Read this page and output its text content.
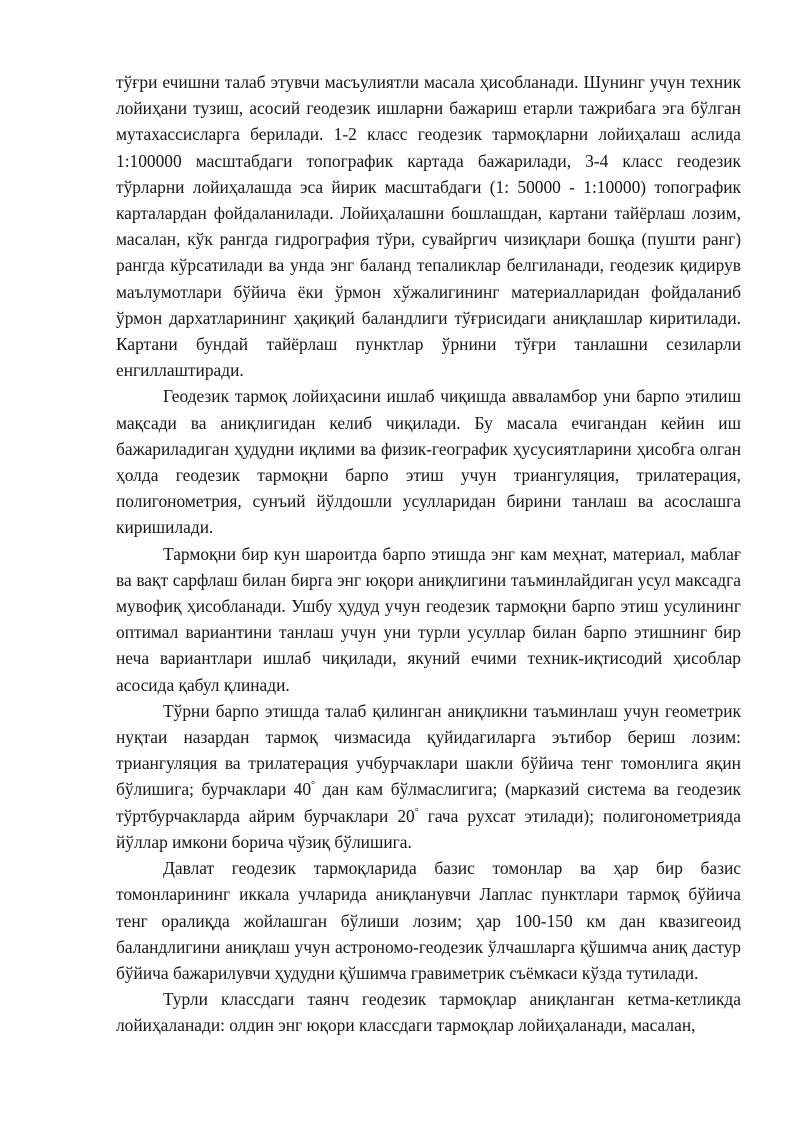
тўғри ечишни талаб этувчи масъулиятли масала ҳисобланади. Шунинг учун техник лойиҳани тузиш, асосий геодезик ишларни бажариш етарли тажрибага эга бўлган мутахассисларга берилади. 1-2 класс геодезик тармоқларни лойиҳалаш аслида 1:100000 масштабдаги топографик картада бажарилади, 3-4 класс геодезик тўрларни лойиҳалашда эса йирик масштабдаги (1: 50000 - 1:10000) топографик карталардан фойдаланилади. Лойиҳалашни бошлашдан, картани тайёрлаш лозим, масалан, кўк рангда гидрография тўри, сувайргич чизиқлари бошқа (пушти ранг) рангда кўрсатилади ва унда энг баланд тепаликлар белгиланади, геодезик қидирув маълумотлари бўйича ёки ўрмон хўжалигининг материалларидан фойдаланиб ўрмон дархатларининг ҳақиқий баландлиги тўғрисидаги аниқлашлар киритилади. Картани бундай тайёрлаш пунктлар ўрнини тўғри танлашни сезиларли енгиллаштиради.

Геодезик тармоқ лойиҳасини ишлаб чиқишда аввaламбор уни барпо этилиш мақсади ва аниқлигидан келиб чиқилади. Бу масала ечигандан кейин иш бажариладиган ҳудудни иқлими ва физик-географик ҳусусиятларини ҳисобга олган ҳолда геодезик тармоқни барпо этиш учун триангуляция, трилатерация, полигонометрия, сунъий йўлдошли усулларидан бирини танлаш ва асослашга киришилади.

Тармоқни бир кун шароитда барпо этишда энг кам меҳнат, материал, маблағ ва вақт сарфлаш билан бирга энг юқори аниқлигини таъминлайдиган усул максадга мувофиқ ҳисобланади. Ушбу ҳудуд учун геодезик тармоқни барпо этиш усулининг оптимал вариантини танлаш учун уни турли усуллар билан барпо этишнинг бир неча вариантлари ишлаб чиқилади, якуний ечими техник-иқтисодий ҳисоблар асосида қабул қлинади.

Тўрни барпо этишда талаб қилинган аниқликни таъминлаш учун геометрик нуқтаи назардан тармоқ чизмасида қуйидагиларга эътибор бериш лозим: триангуляция ва трилатерация учбурчаклари шакли бўйича тенг томонлига яқин бўлишига; бурчаклари 40° дан кам бўлмаслигига; (марказий система ва геодезик тўртбурчакларда айрим бурчаклари 20° гача рухсат этилади); полигонометрияда йўллар имкони борича чўзиқ бўлишига.

Давлат геодезик тармоқларида базис томонлар ва ҳар бир базис томонларининг иккала учларида аниқланувчи Лаплас пунктлари тармоқ бўйича тенг оралиқда жойлашган бўлиши лозим; ҳар 100-150 км дан квазигеоид баландлигини аниқлаш учун астрономо-геодезик ўлчашларга қўшимча аниқ дастур бўйича бажарилувчи ҳудудни қўшимча гравиметрик съёмкаси кўзда тутилади.

Турли классдаги таянч геодезик тармоқлар аниқланган кетма-кетликда лойиҳаланади: олдин энг юқори классдаги тармоқлар лойиҳаланади, масалан,
